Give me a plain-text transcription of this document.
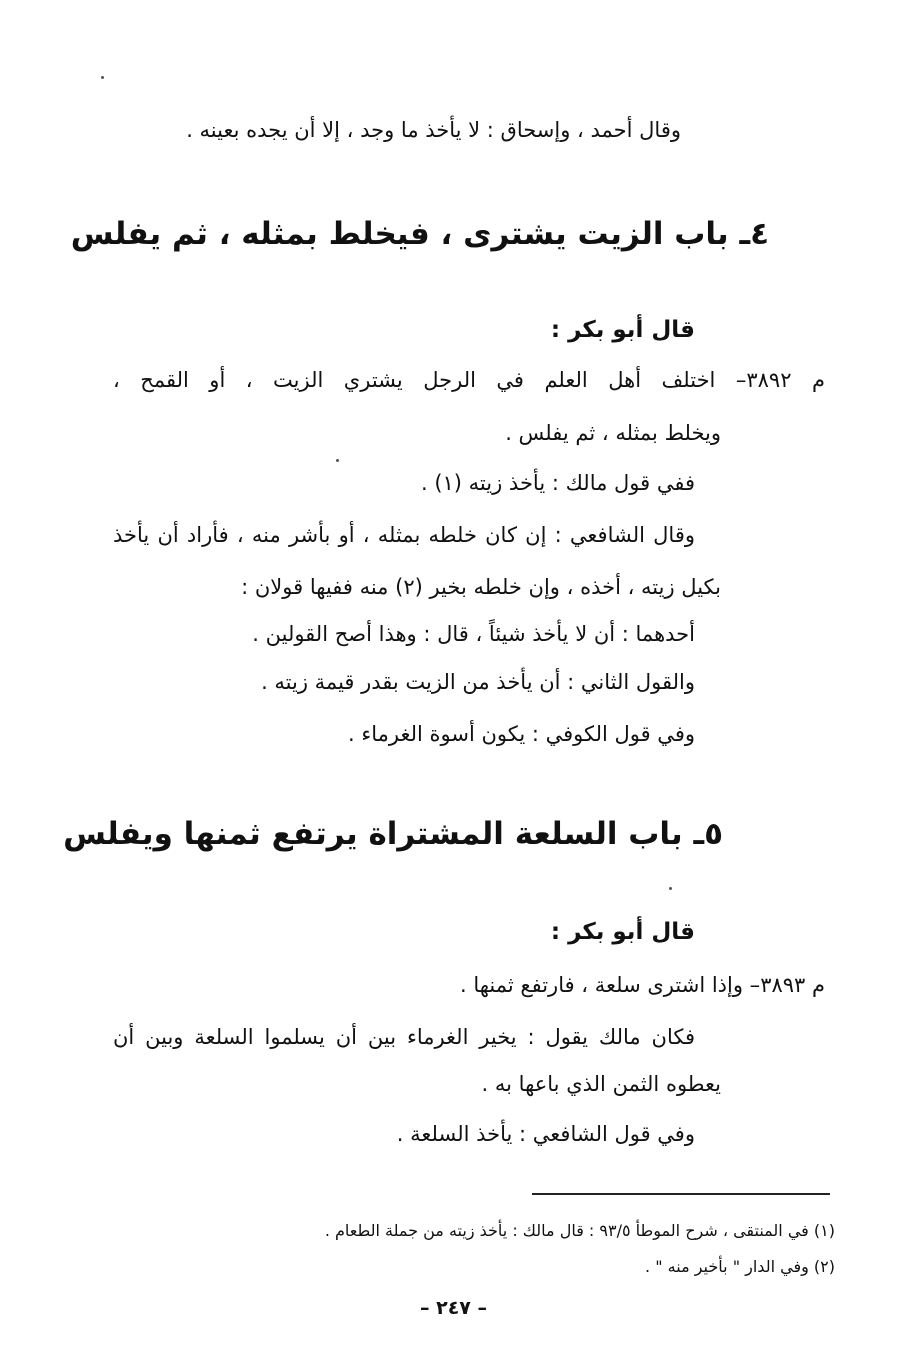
وقال أحمد ، وإسحاق : لا يأخذ ما وجد ، إلا أن يجده بعينه .
٤ـ باب الزيت يشترى ، فيخلط بمثله ، ثم يفلس
قال أبو بكر :
م ٣٨٩٢– اختلف أهل العلم في الرجل يشتري الزيت ، أو القمح ،
ويخلط بمثله ، ثم يفلس .
ففي قول مالك : يأخذ زيته (١) .
وقال الشافعي : إن كان خلطه بمثله ، أو بأشر منه ، فأراد أن يأخذ
بكيل زيته ، أخذه ، وإن خلطه بخير (٢) منه ففيها قولان :
أحدهما : أن لا يأخذ شيئاً ، قال : وهذا أصح القولين .
والقول الثاني : أن يأخذ من الزيت بقدر قيمة زيته .
وفي قول الكوفي : يكون أسوة الغرماء .
٥ـ باب السلعة المشتراة يرتفع ثمنها ويفلس
قال أبو بكر :
م ٣٨٩٣– وإذا اشترى سلعة ، فارتفع ثمنها .
فكان مالك يقول : يخير الغرماء بين أن يسلموا السلعة وبين أن
يعطوه الثمن الذي باعها به .
وفي قول الشافعي : يأخذ السلعة .
(١) في المنتقى ، شرح الموطأ ٩٣/٥ : قال مالك : يأخذ زيته من جملة الطعام .
(٢) وفي الدار " بأخير منه " .
– ٢٤٧ –
